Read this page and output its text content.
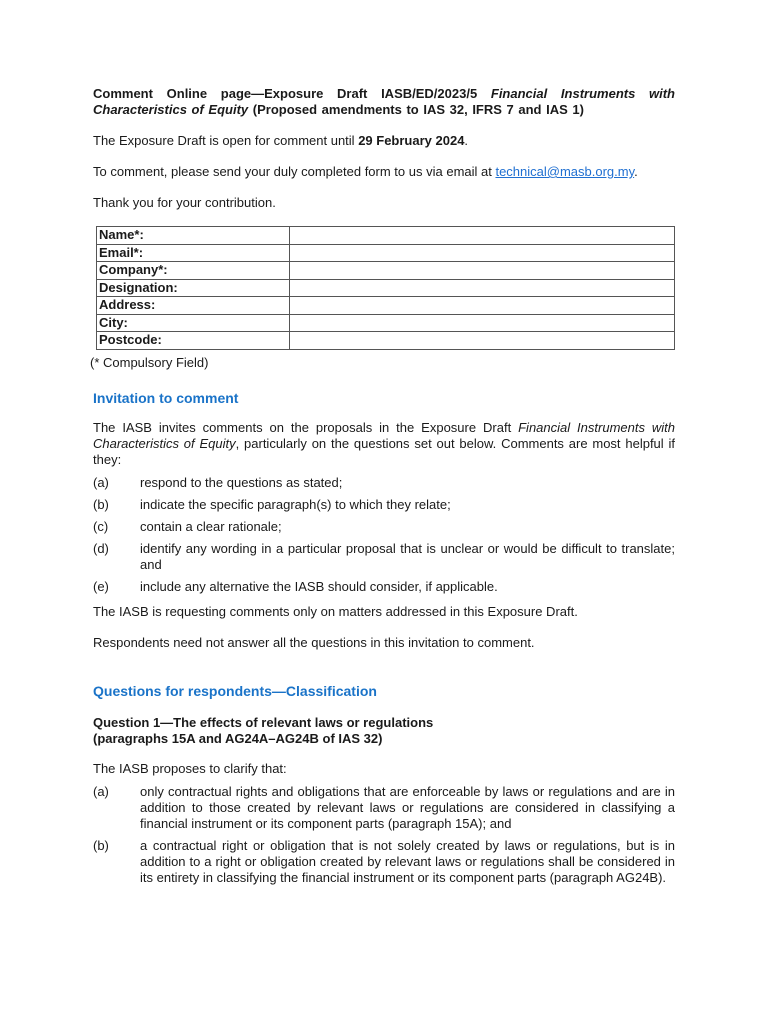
Comment Online page—Exposure Draft IASB/ED/2023/5 Financial Instruments with Characteristics of Equity (Proposed amendments to IAS 32, IFRS 7 and IAS 1)

The Exposure Draft is open for comment until 29 February 2024.

To comment, please send your duly completed form to us via email at technical@masb.org.my.

Thank you for your contribution.

Name*:	
Email*:	
Company*:	
Designation:	
Address:	
City:	
Postcode:	

(* Compulsory Field)

Invitation to comment

The IASB invites comments on the proposals in the Exposure Draft Financial Instruments with Characteristics of Equity, particularly on the questions set out below. Comments are most helpful if they:

(a)	respond to the questions as stated;
(b)	indicate the specific paragraph(s) to which they relate;
(c)	contain a clear rationale;
(d)	identify any wording in a particular proposal that is unclear or would be difficult to translate; and
(e)	include any alternative the IASB should consider, if applicable.

The IASB is requesting comments only on matters addressed in this Exposure Draft.

Respondents need not answer all the questions in this invitation to comment.

Questions for respondents—Classification
Question 1—The effects of relevant laws or regulations
(paragraphs 15A and AG24A–AG24B of IAS 32)

The IASB proposes to clarify that:

(a)	only contractual rights and obligations that are enforceable by laws or regulations and are in addition to those created by relevant laws or regulations are considered in classifying a financial instrument or its component parts (paragraph 15A); and
(b)	a contractual right or obligation that is not solely created by laws or regulations, but is in addition to a right or obligation created by relevant laws or regulations shall be considered in its entirety in classifying the financial instrument or its component parts (paragraph AG24B).
